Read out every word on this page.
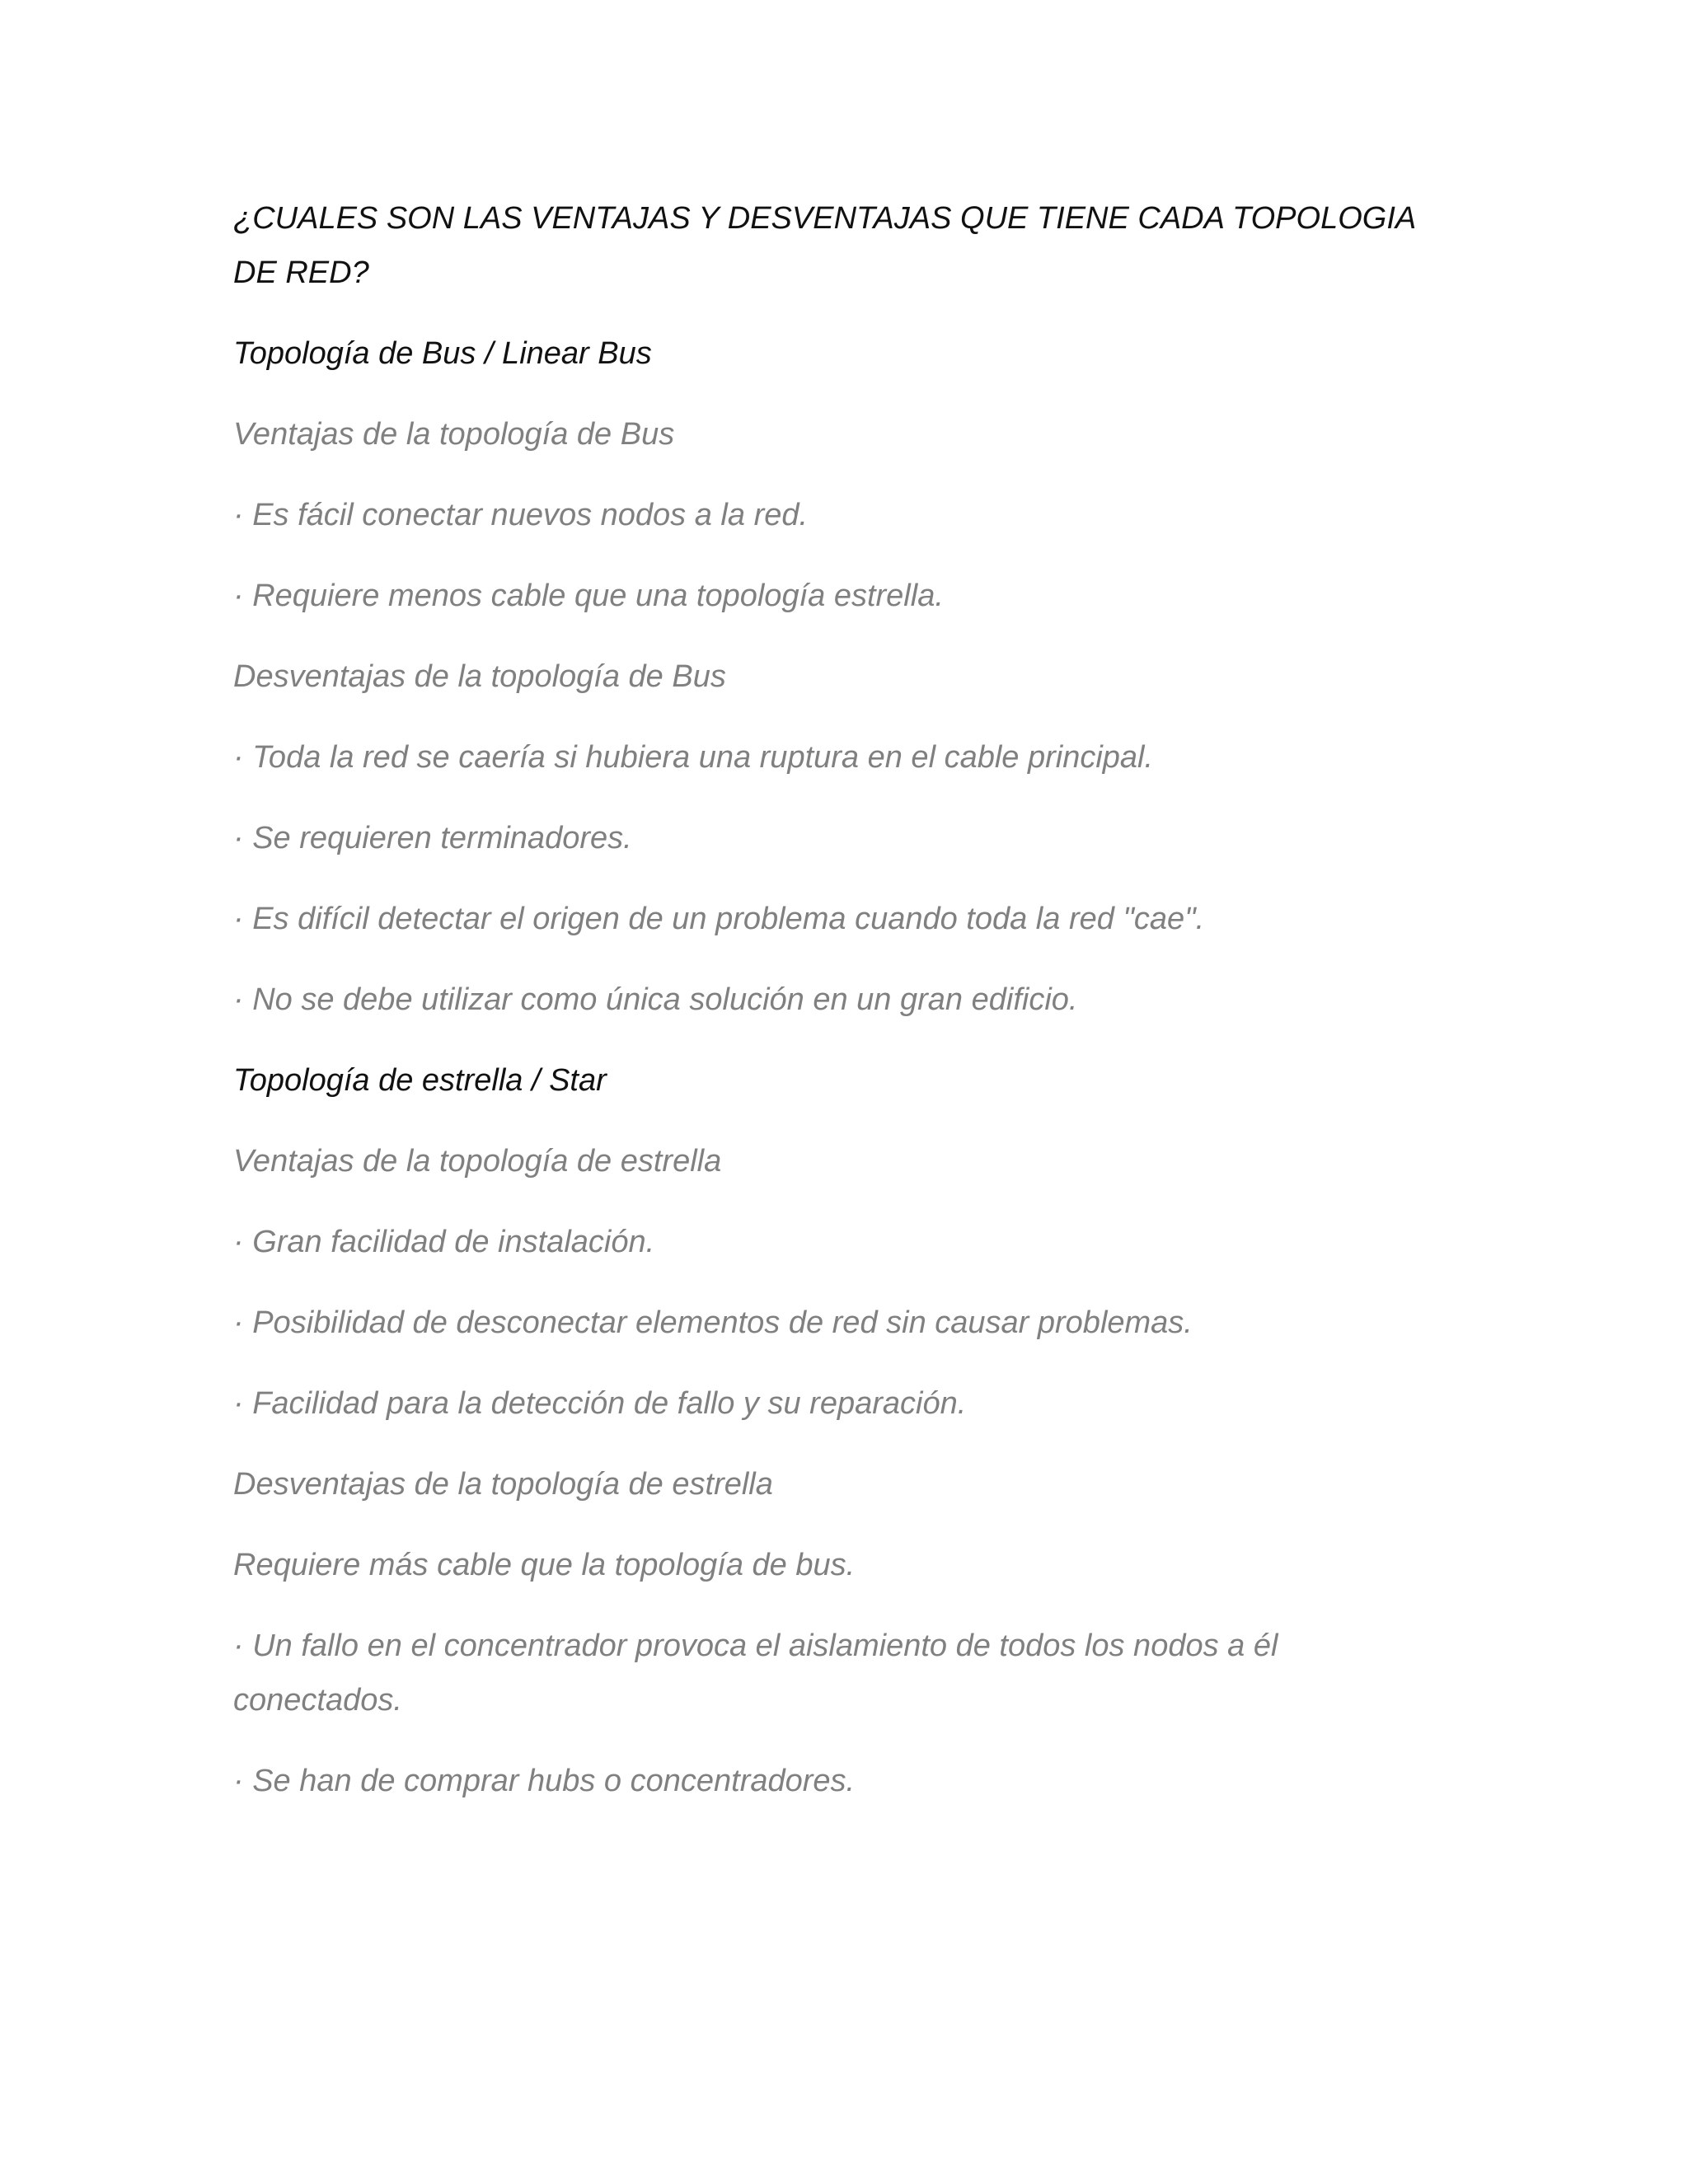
¿CUALES SON LAS VENTAJAS Y DESVENTAJAS QUE TIENE CADA TOPOLOGIA

DE RED?

Topología de Bus / Linear Bus

Ventajas de la topología de Bus

· Es fácil conectar nuevos nodos a la red.

· Requiere menos cable que una topología estrella.

Desventajas de la topología de Bus

· Toda la red se caería si hubiera una ruptura en el cable principal.

· Se requieren terminadores.

· Es difícil detectar el origen de un problema cuando toda la red "cae".

· No se debe utilizar como única solución en un gran edificio.

Topología de estrella / Star

Ventajas de la topología de estrella

· Gran facilidad de instalación.

· Posibilidad de desconectar elementos de red sin causar problemas.

· Facilidad para la detección de fallo y su reparación.

Desventajas de la topología de estrella

Requiere más cable que la topología de bus.

· Un fallo en el concentrador provoca el aislamiento de todos los nodos a él

conectados.

· Se han de comprar hubs o concentradores.
